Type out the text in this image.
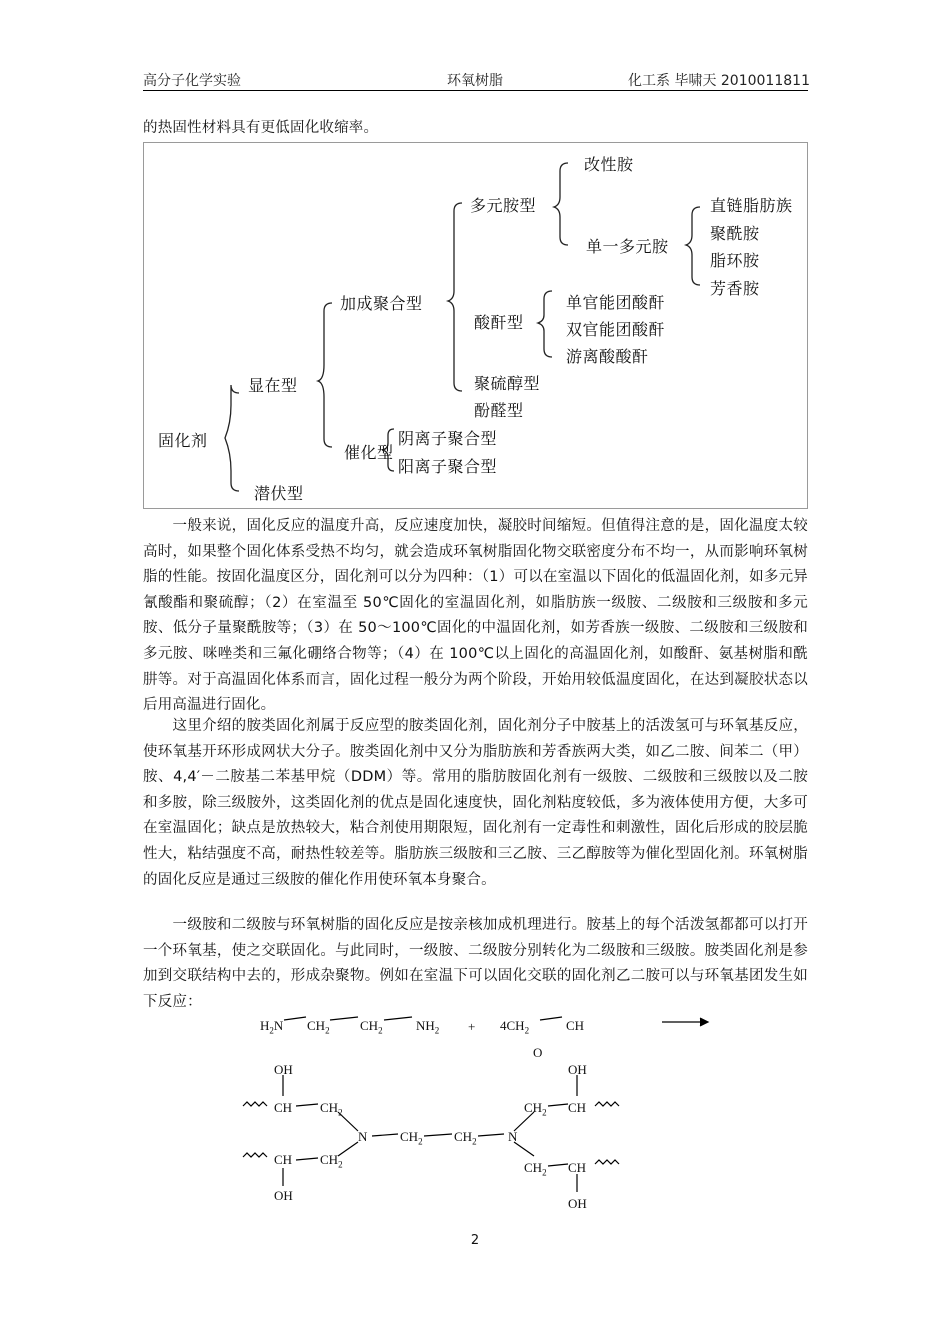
高分子化学实验	环氧树脂	化工系 毕啸天 2010011811
的热固性材料具有更低固化收缩率。
固化剂
显在型
潜伏型
加成聚合型
催化型
多元胺型
改性胺
单一多元胺
直链脂肪族
聚酰胺
脂环胺
芳香胺
酸酐型
单官能团酸酐
双官能团酸酐
游离酸酸酐
聚硫醇型
酚醛型
阴离子聚合型
阳离子聚合型
　　一般来说，固化反应的温度升高，反应速度加快，凝胶时间缩短。但值得注意的是，固化温度太较高时，如果整个固化体系受热不均匀，就会造成环氧树脂固化物交联密度分布不均一，从而影响环氧树脂的性能。按固化温度区分，固化剂可以分为四种：（1）可以在室温以下固化的低温固化剂，如多元异氰酸酯和聚硫醇；（2）在室温至 50℃固化的室温固化剂，如脂肪族一级胺、二级胺和三级胺和多元胺、低分子量聚酰胺等；（3）在 50～100℃固化的中温固化剂，如芳香族一级胺、二级胺和三级胺和多元胺、咪唑类和三氟化硼络合物等；（4）在 100℃以上固化的高温固化剂，如酸酐、氨基树脂和酰肼等。对于高温固化体系而言，固化过程一般分为两个阶段，开始用较低温度固化，在达到凝胶状态以后用高温进行固化。
　　这里介绍的胺类固化剂属于反应型的胺类固化剂，固化剂分子中胺基上的活泼氢可与环氧基反应，使环氧基开环形成网状大分子。胺类固化剂中又分为脂肪族和芳香族两大类，如乙二胺、间苯二（甲）胺、4,4′－二胺基二苯基甲烷（DDM）等。常用的脂肪胺固化剂有一级胺、二级胺和三级胺以及二胺和多胺，除三级胺外，这类固化剂的优点是固化速度快，固化剂粘度较低，多为液体使用方便，大多可在室温固化；缺点是放热较大，粘合剂使用期限短，固化剂有一定毒性和刺激性，固化后形成的胶层脆性大，粘结强度不高，耐热性较差等。脂肪族三级胺和三乙胺、三乙醇胺等为催化型固化剂。环氧树脂的固化反应是通过三级胺的催化作用使环氧本身聚合。
　　一级胺和二级胺与环氧树脂的固化反应是按亲核加成机理进行。胺基上的每个活泼氢都都可以打开一个环氧基，使之交联固化。与此同时，一级胺、二级胺分别转化为二级胺和三级胺。胺类固化剂是参加到交联结构中去的，形成杂聚物。例如在室温下可以固化交联的固化剂乙二胺可以与环氧基团发生如下反应：
$H_2N$ $CH_2$ $CH_2$	$NH_2 + 4CH_2$	CH
O
OH
CH $CH_2$
OH
$CH_2$ CH
N	$CH_2$ $CH_2$ N
CH $CH_2$
OH
$CH_2$ CH
OH
2
